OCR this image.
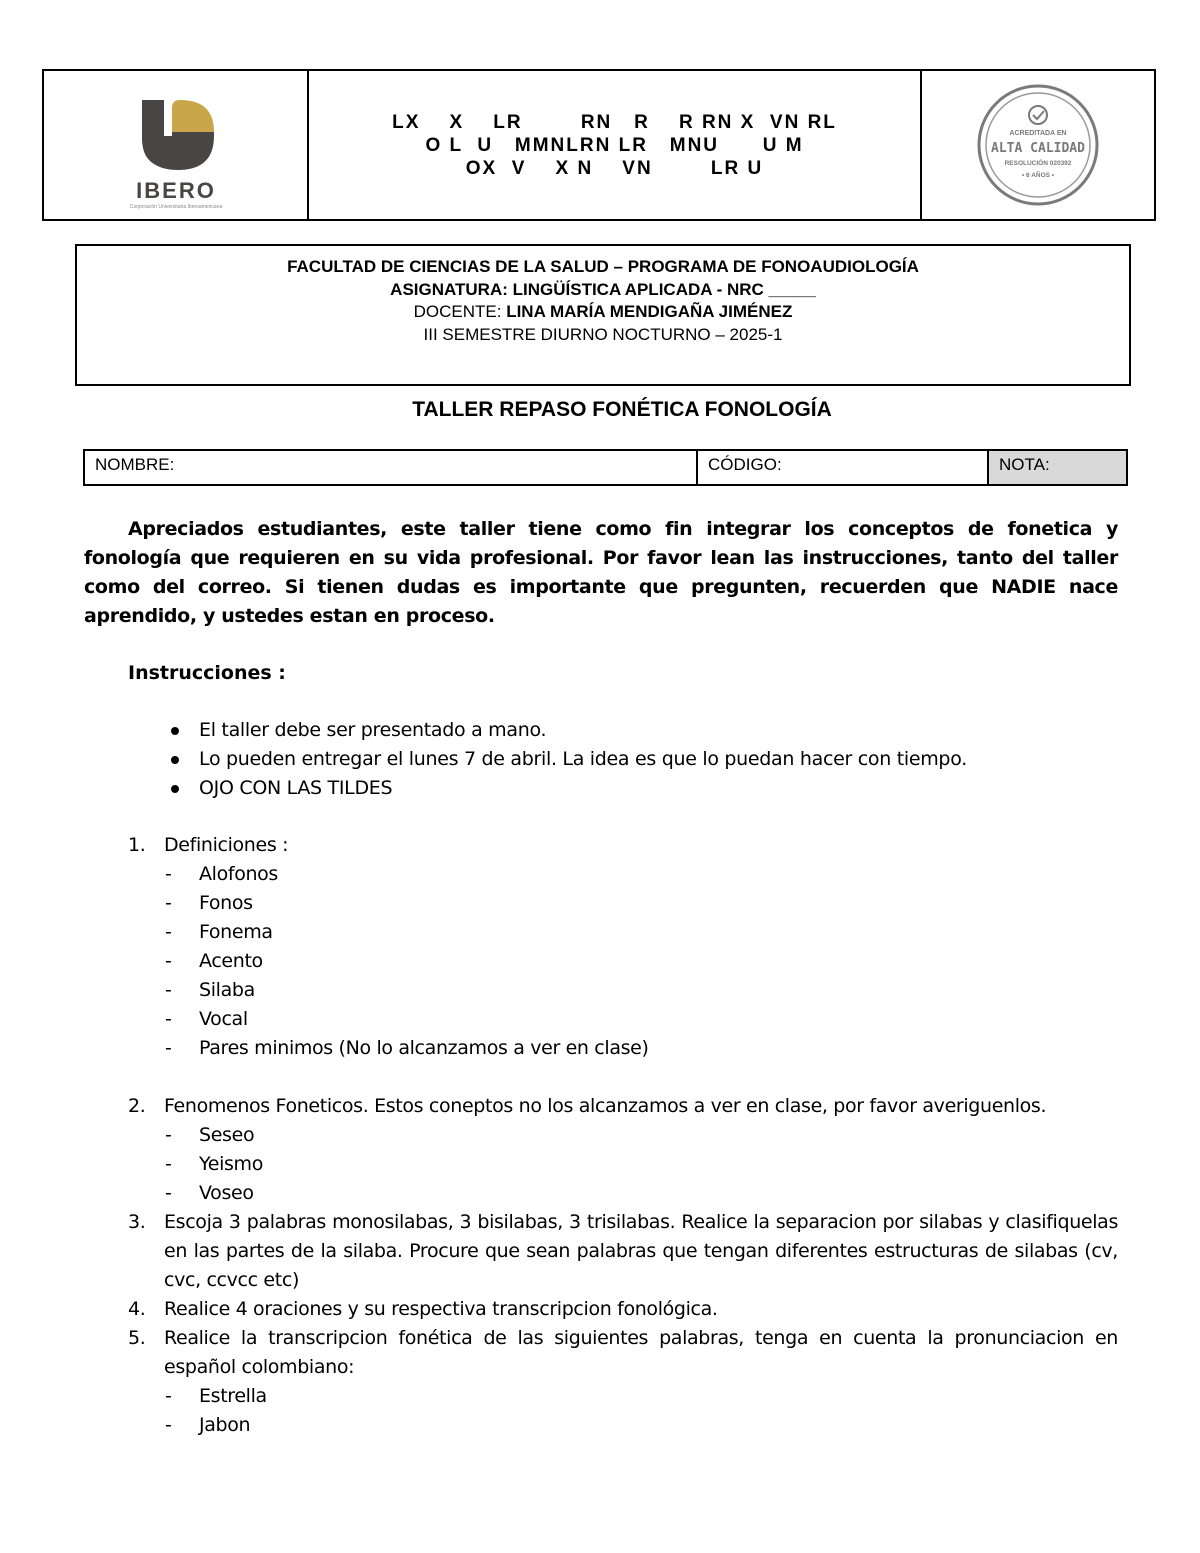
IBERO
Corporación Universitaria Iberoamericana
LX    X    LR        RN   R    R RN X  VN RL
O L  U   MMNLRN LR   MNU      U M
OX  V    X N    VN        LR U
ACREDITADA EN
ALTA CALIDAD
RESOLUCIÓN 020392
• 6 AÑOS •
FACULTAD DE CIENCIAS DE LA SALUD – PROGRAMA DE FONOAUDIOLOGÍA
ASIGNATURA: LINGÜÍSTICA APLICADA - NRC _____
DOCENTE: LINA MARÍA MENDIGAÑA JIMÉNEZ
III SEMESTRE DIURNO NOCTURNO – 2025-1
TALLER REPASO FONÉTICA FONOLOGÍA
NOMBRE:	CÓDIGO:	NOTA:

Apreciados estudiantes, este taller tiene como fin integrar los conceptos de fonetica y fonología que requieren en su vida profesional. Por favor lean las instrucciones, tanto del taller como del correo. Si tienen dudas es importante que pregunten, recuerden que NADIE nace aprendido, y ustedes estan en proceso.

Instrucciones :
El taller debe ser presentado a mano.
Lo pueden entregar el lunes 7 de abril. La idea es que lo puedan hacer con tiempo.
OJO CON LAS TILDES
1. Definiciones :
- Alofonos
- Fonos
- Fonema
- Acento
- Silaba
- Vocal
- Pares minimos (No lo alcanzamos a ver en clase)
2. Fenomenos Foneticos. Estos coneptos no los alcanzamos a ver en clase, por favor averiguenlos.
- Seseo
- Yeismo
- Voseo
3. Escoja 3 palabras monosilabas, 3 bisilabas, 3 trisilabas. Realice la separacion por silabas y clasifiquelas en las partes de la silaba. Procure que sean palabras que tengan diferentes estructuras de silabas (cv, cvc, ccvcc etc)
4. Realice 4 oraciones y su respectiva transcripcion fonológica.
5. Realice la transcripcion fonética de las siguientes palabras, tenga en cuenta la pronunciacion en español colombiano:
- Estrella
- Jabon
